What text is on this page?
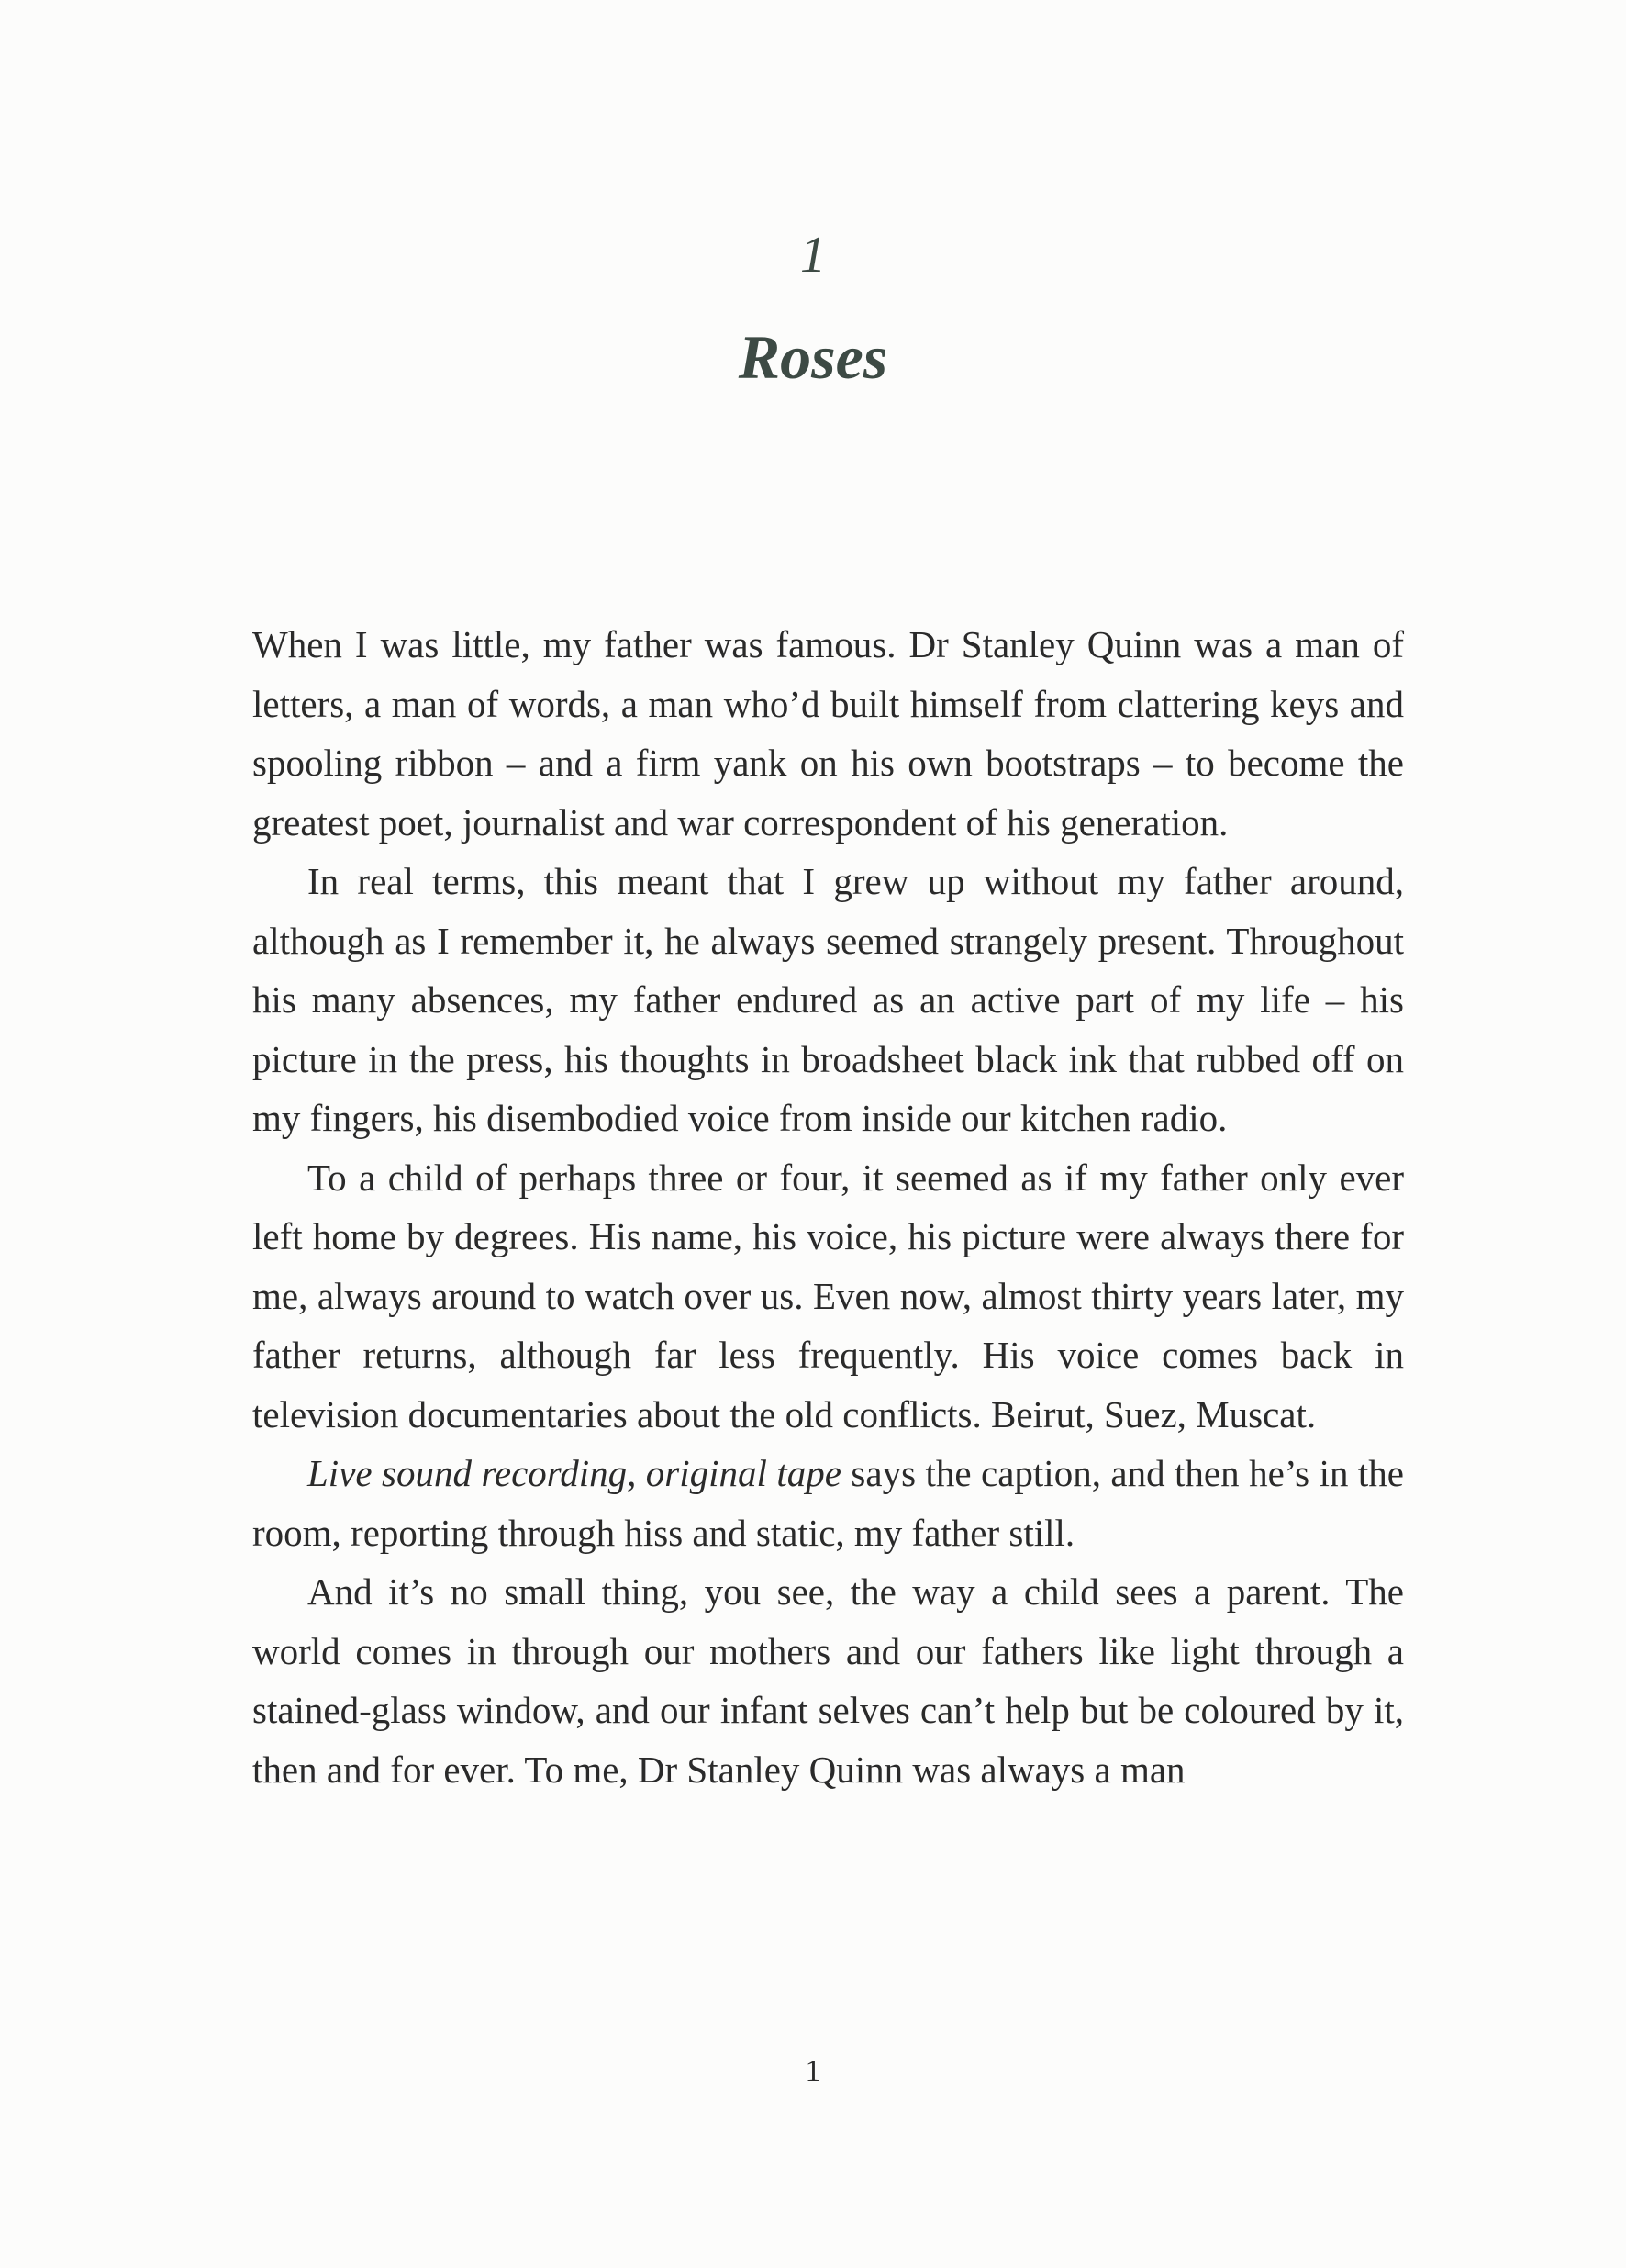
1
Roses

When I was little, my father was famous. Dr Stanley Quinn was a man of letters, a man of words, a man who’d built himself from clattering keys and spooling ribbon – and a firm yank on his own bootstraps – to become the greatest poet, journalist and war correspondent of his generation.

In real terms, this meant that I grew up without my father around, although as I remember it, he always seemed strangely present. Throughout his many absences, my father endured as an active part of my life – his picture in the press, his thoughts in broadsheet black ink that rubbed off on my fingers, his disembodied voice from inside our kitchen radio.

To a child of perhaps three or four, it seemed as if my father only ever left home by degrees. His name, his voice, his picture were always there for me, always around to watch over us. Even now, almost thirty years later, my father returns, although far less frequently. His voice comes back in television documentaries about the old conflicts. Beirut, Suez, Muscat.

Live sound recording, original tape says the caption, and then he’s in the room, reporting through hiss and static, my father still.

And it’s no small thing, you see, the way a child sees a parent. The world comes in through our mothers and our fathers like light through a stained-glass window, and our infant selves can’t help but be coloured by it, then and for ever. To me, Dr Stanley Quinn was always a man

1
